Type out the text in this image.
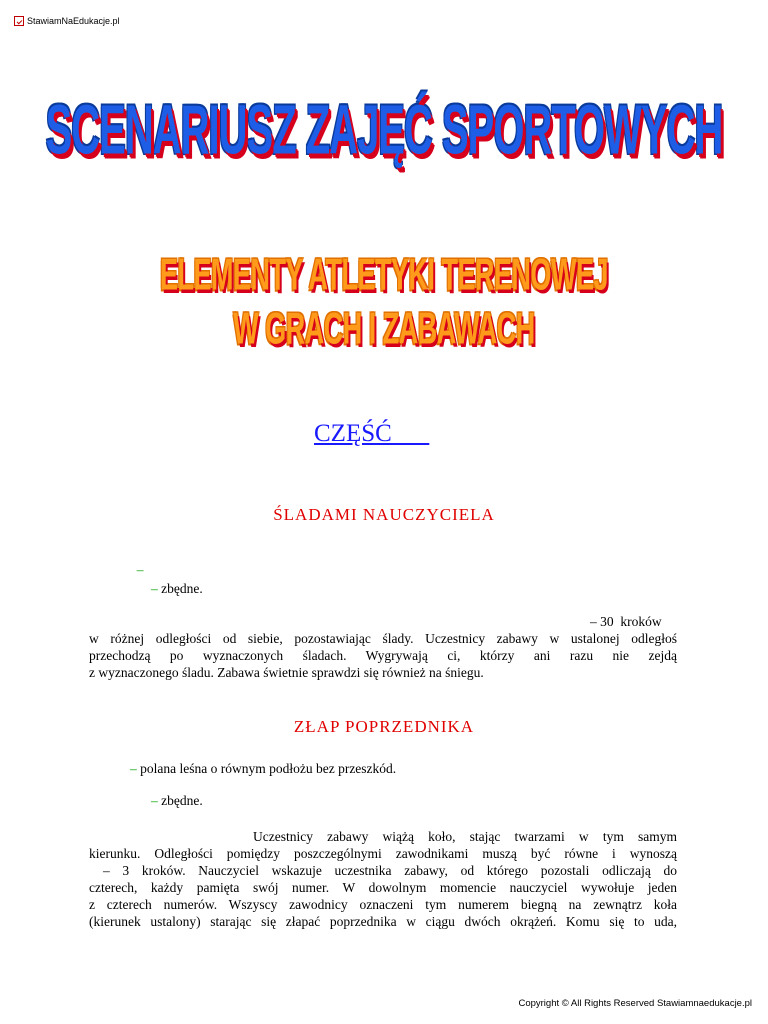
StawiamNaEdukacje.pl
SCENARIUSZ ZAJĘĆ SPORTOWYCH
ELEMENTY ATLETYKI TERENOWEJ
W GRACH I ZABAWACH
CZĘŚĆ
ŚLADAMI NAUCZYCIELA

–

– zbędne.
– 30  kroków
w różnej odległości od siebie, pozostawiając ślady. Uczestnicy zabawy w ustalonej odległoś
przechodzą po wyznaczonych śladach. Wygrywają ci, którzy ani razu nie zejdą
z wyznaczonego śladu. Zabawa świetnie sprawdzi się również na śniegu.
ZŁAP POPRZEDNIKA
– polana leśna o równym podłożu bez przeszkód.
– zbędne.
Uczestnicy zabawy wiążą koło, stając twarzami w tym samym
kierunku. Odległości pomiędzy poszczególnymi zawodnikami muszą być równe i wynoszą
– 3 kroków. Nauczyciel wskazuje uczestnika zabawy, od którego pozostali odliczają do
czterech, każdy pamięta swój numer. W dowolnym momencie nauczyciel wywołuje jeden
z czterech numerów. Wszyscy zawodnicy oznaczeni tym numerem biegną na zewnątrz koła
(kierunek ustalony) starając się złapać poprzednika w ciągu dwóch okrążeń. Komu się to uda,
Copyright © All Rights Reserved Stawiamnaedukacje.pl
